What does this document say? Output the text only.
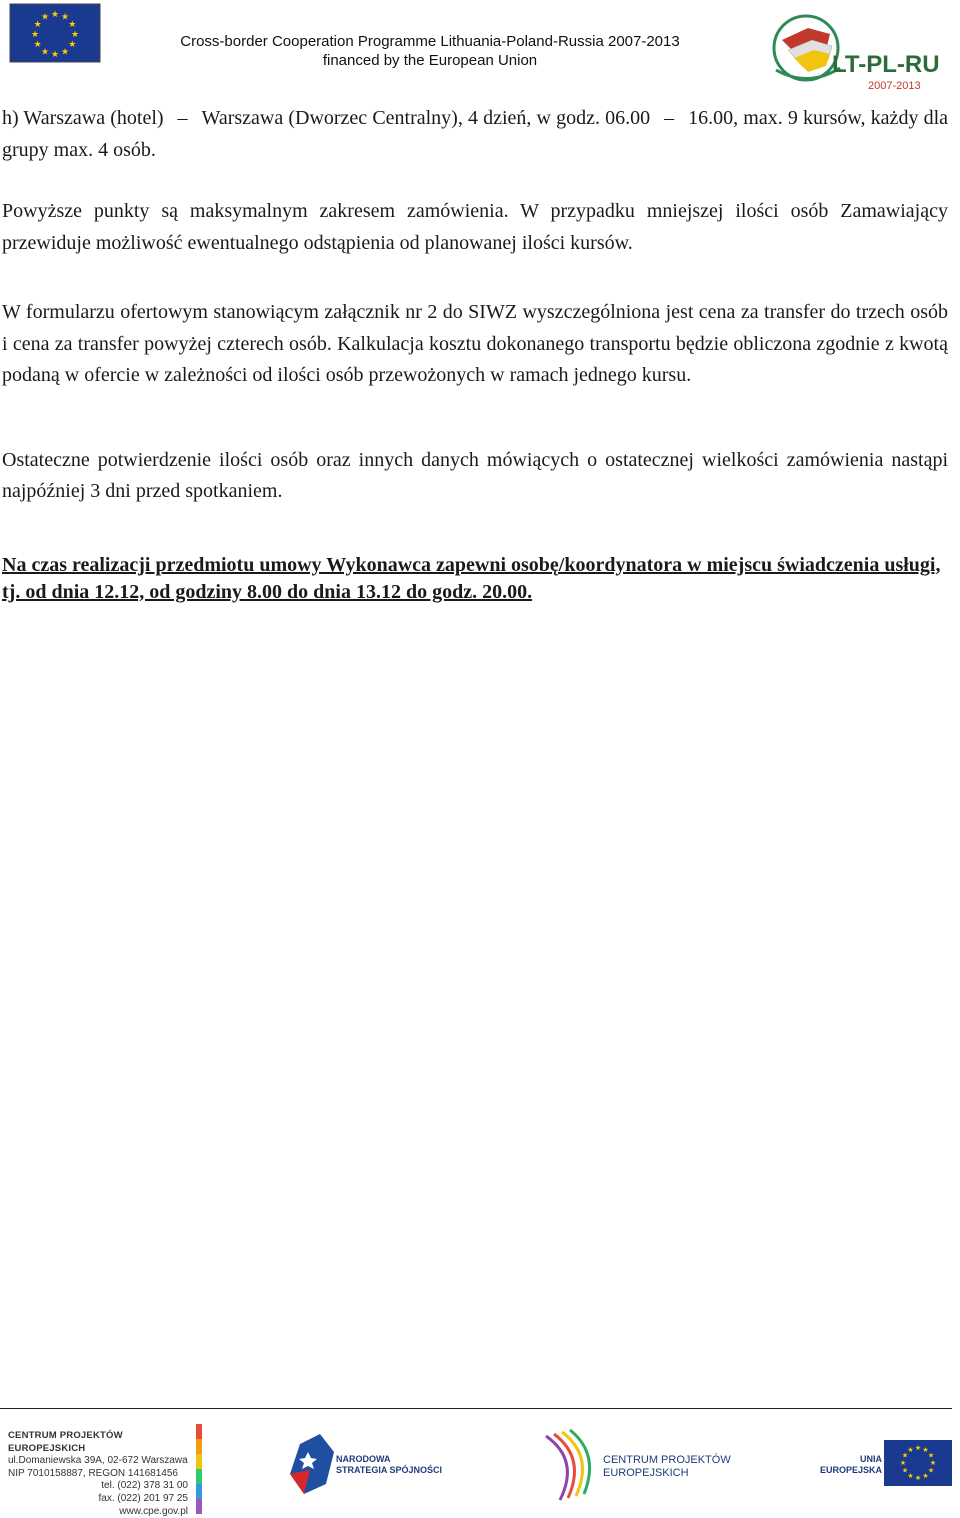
★ ★
★
★
★
★
★
★
★
★
★
★
Cross-border Cooperation Programme Lithuania-Poland-Russia 2007-2013
financed by the European Union	LT-PL-RU
2007-2013

h) Warszawa (hotel) – Warszawa (Dworzec Centralny), 4 dzień, w godz. 06.00 – 16.00, max. 9 kursów, każdy dla grupy max. 4 osób.

Powyższe punkty są maksymalnym zakresem zamówienia. W przypadku mniejszej ilości osób Zamawiający przewiduje możliwość ewentualnego odstąpienia od planowanej ilości kursów.

W formularzu ofertowym stanowiącym załącznik nr 2 do SIWZ wyszczególniona jest cena za transfer do trzech osób i cena za transfer powyżej czterech osób. Kalkulacja kosztu dokonanego transportu będzie obliczona zgodnie z kwotą podaną w ofercie w zależności od ilości osób przewożonych w ramach jednego kursu.

Ostateczne potwierdzenie ilości osób oraz innych danych mówiących o ostatecznej wielkości zamówienia nastąpi najpóźniej 3 dni przed spotkaniem.

Na czas realizacji przedmiotu umowy Wykonawca zapewni osobę/koordynatora w miejscu świadczenia usługi, tj. od dnia 12.12, od godziny 8.00 do dnia 13.12 do godz. 20.00.

CENTRUM PROJEKTÓW EUROPEJSKICH
ul.Domaniewska 39A, 02-672 Warszawa
NIP 7010158887, REGON 141681456
tel. (022) 378 31 00
fax. (022) 201 97 25
www.cpe.gov.pl
NARODOWA
STRATEGIA SPÓJNOŚCI
CENTRUM PROJEKTÓW
EUROPEJSKICH
UNIA
EUROPEJSKA
★ ★
★
★
★
★
★
★
★
★
★
★
